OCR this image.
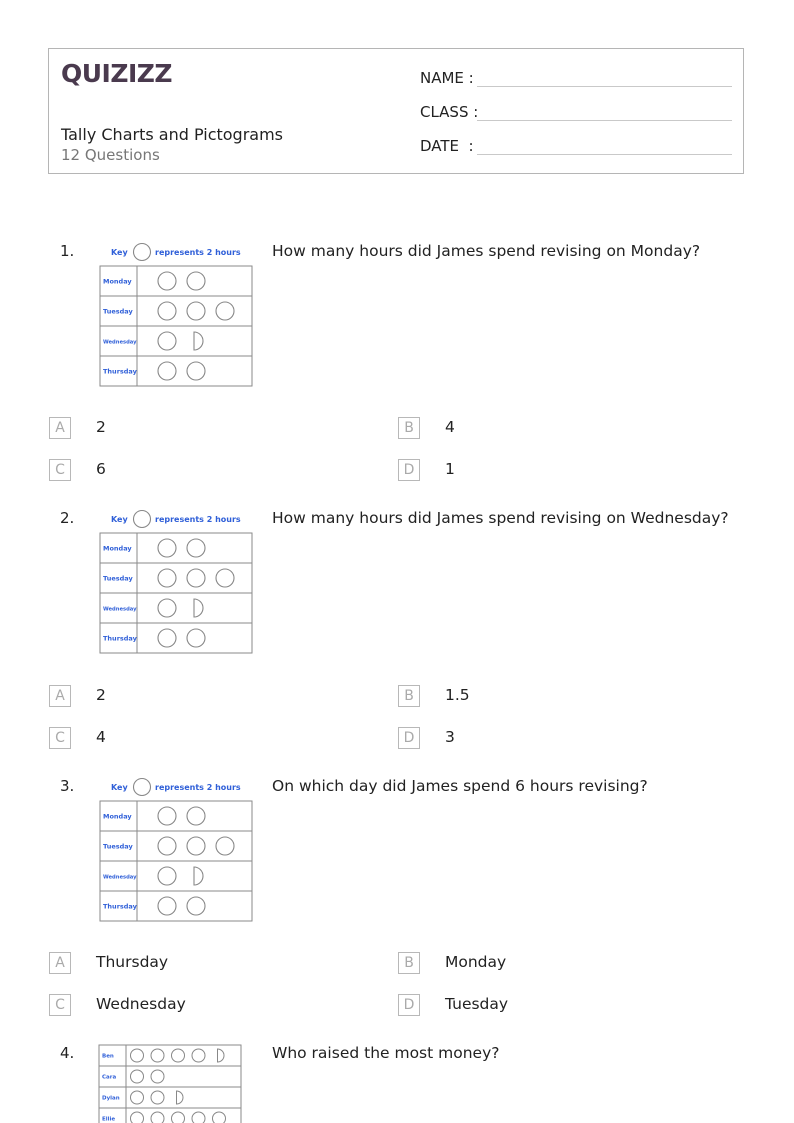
QUIZIZZ
Tally Charts and Pictograms
12 Questions
NAME :
CLASS :
DATE  :
1.	How many hours did James spend revising on Monday?
Key	represents 2 hours
Monday
Tuesday
Wednesday
Thursday
A	2	B	4
C	6	D	1
2.	How many hours did James spend revising on Wednesday?
Key	represents 2 hours
Monday
Tuesday
Wednesday
Thursday
A	2	B	1.5
C	4	D	3
3.	On which day did James spend 6 hours revising?
Key	represents 2 hours
Monday
Tuesday
Wednesday
Thursday
A	Thursday	B	Monday
C	Wednesday	D	Tuesday
4.	Who raised the most money?
Ben
Cara
Dylan
Ellie
